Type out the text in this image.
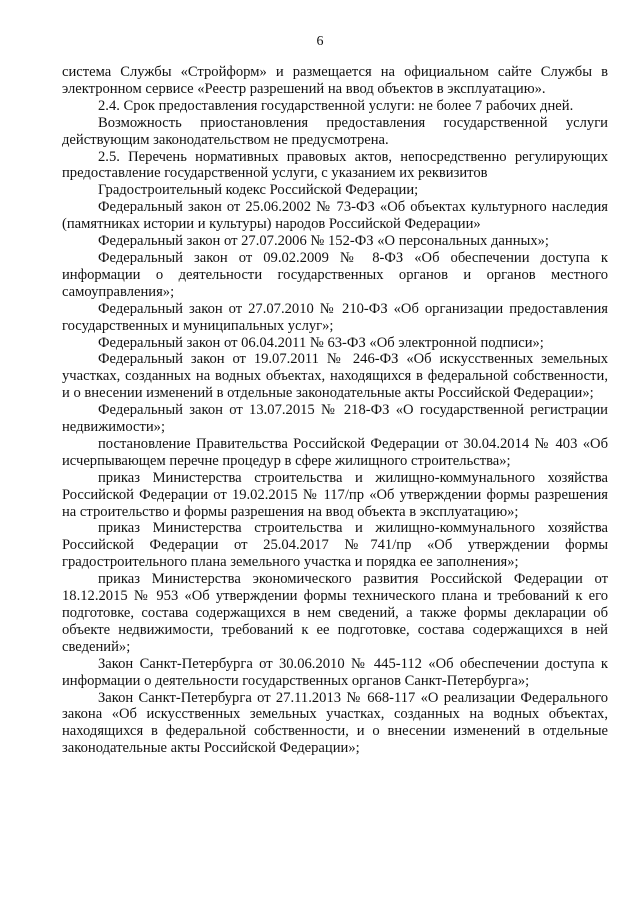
6

система Службы «Стройформ» и размещается на официальном сайте Службы в электронном сервисе «Реестр разрешений на ввод объектов в эксплуатацию».

2.4. Срок предоставления государственной услуги: не более 7 рабочих дней.

Возможность приостановления предоставления государственной услуги действующим законодательством не предусмотрена.

2.5. Перечень нормативных правовых актов, непосредственно регулирующих предоставление государственной услуги, с указанием их реквизитов

Градостроительный кодекс Российской Федерации;

Федеральный закон от 25.06.2002 № 73-ФЗ «Об объектах культурного наследия (памятниках истории и культуры) народов Российской Федерации»

Федеральный закон от 27.07.2006 № 152-ФЗ «О персональных данных»;

Федеральный закон от 09.02.2009 № 8-ФЗ «Об обеспечении доступа к информации о деятельности государственных органов и органов местного самоуправления»;

Федеральный закон от 27.07.2010 № 210-ФЗ «Об организации предоставления государственных и муниципальных услуг»;

Федеральный закон от 06.04.2011 № 63-ФЗ «Об электронной подписи»;

Федеральный закон от 19.07.2011 № 246-ФЗ «Об искусственных земельных участках, созданных на водных объектах, находящихся в федеральной собственности, и о внесении изменений в отдельные законодательные акты Российской Федерации»;

Федеральный закон от 13.07.2015 № 218-ФЗ «О государственной регистрации недвижимости»;

постановление Правительства Российской Федерации от 30.04.2014 № 403 «Об исчерпывающем перечне процедур в сфере жилищного строительства»;

приказ Министерства строительства и жилищно-коммунального хозяйства Российской Федерации от 19.02.2015 № 117/пр «Об утверждении формы разрешения на строительство и формы разрешения на ввод объекта в эксплуатацию»;

приказ Министерства строительства и жилищно-коммунального хозяйства Российской Федерации от 25.04.2017 №741/пр «Об утверждении формы градостроительного плана земельного участка и порядка ее заполнения»;

приказ Министерства экономического развития Российской Федерации от 18.12.2015 № 953 «Об утверждении формы технического плана и требований к его подготовке, состава содержащихся в нем сведений, а также формы декларации об объекте недвижимости, требований к ее подготовке, состава содержащихся в ней сведений»;

Закон Санкт-Петербурга от 30.06.2010 № 445-112 «Об обеспечении доступа к информации о деятельности государственных органов Санкт-Петербурга»;

Закон Санкт-Петербурга от 27.11.2013 № 668-117 «О реализации Федерального закона «Об искусственных земельных участках, созданных на водных объектах, находящихся в федеральной собственности, и о внесении изменений в отдельные законодательные акты Российской Федерации»;
